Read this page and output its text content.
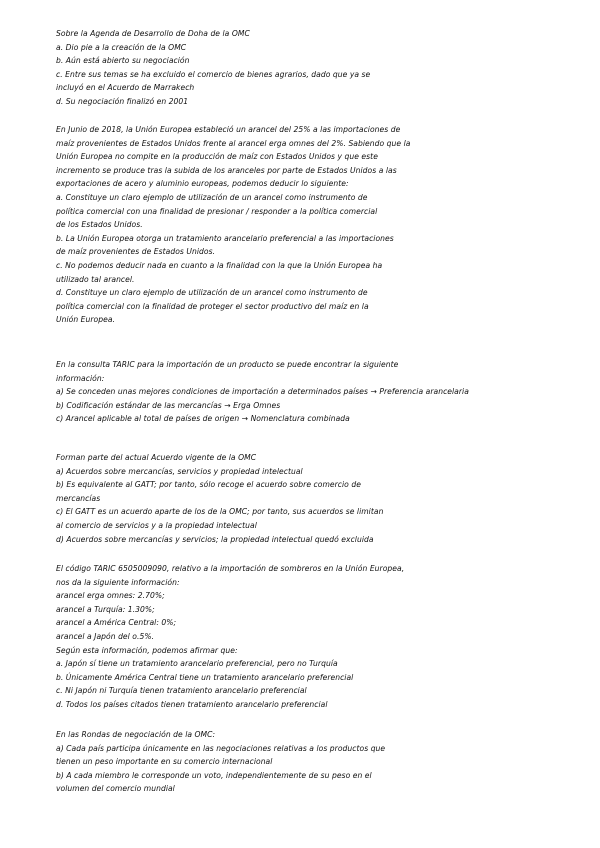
Sobre la Agenda de Desarrollo de Doha de la OMC
a. Dio pie a la creación de la OMC
b. Aún está abierto su negociación
c. Entre sus temas se ha excluido el comercio de bienes agrarios, dado que ya se
incluyó en el Acuerdo de Marrakech
d. Su negociación finalizó en 2001
En Junio de 2018, la Unión Europea estableció un arancel del 25% a las importaciones de
maíz provenientes de Estados Unidos frente al arancel erga omnes del 2%. Sabiendo que la
Unión Europea no compite en la producción de maíz con Estados Unidos y que este
incremento se produce tras la subida de los aranceles por parte de Estados Unidos a las
exportaciones de acero y aluminio europeas, podemos deducir lo siguiente:
a. Constituye un claro ejemplo de utilización de un arancel como instrumento de
política comercial con una finalidad de presionar / responder a la política comercial
de los Estados Unidos.
b. La Unión Europea otorga un tratamiento arancelario preferencial a las importaciones
de maíz provenientes de Estados Unidos.
c. No podemos deducir nada en cuanto a la finalidad con la que la Unión Europea ha
utilizado tal arancel.
d. Constituye un claro ejemplo de utilización de un arancel como instrumento de
política comercial con la finalidad de proteger el sector productivo del maíz en la
Unión Europea.
En la consulta TARIC para la importación de un producto se puede encontrar la siguiente
información:
a) Se conceden unas mejores condiciones de importación a determinados países → Preferencia arancelaria
b) Codificación estándar de las mercancías → Erga Omnes
c) Arancel aplicable al total de países de origen → Nomenclatura combinada
Forman parte del actual Acuerdo vigente de la OMC
a) Acuerdos sobre mercancías, servicios y propiedad intelectual
b) Es equivalente al GATT; por tanto, sólo recoge el acuerdo sobre comercio de
mercancías
c) El GATT es un acuerdo aparte de los de la OMC; por tanto, sus acuerdos se limitan
al comercio de servicios y a la propiedad intelectual
d) Acuerdos sobre mercancías y servicios; la propiedad intelectual quedó excluida
El código TARIC 6505009090, relativo a la importación de sombreros en la Unión Europea,
nos da la siguiente información:
arancel erga omnes: 2.70%;
arancel a Turquía: 1.30%;
arancel a América Central: 0%;
arancel a Japón del o.5%.
Según esta información, podemos afirmar que:
a. Japón sí tiene un tratamiento arancelario preferencial, pero no Turquía
b. Únicamente América Central tiene un tratamiento arancelario preferencial
c. Ni Japón ni Turquía tienen tratamiento arancelario preferencial
d. Todos los países citados tienen tratamiento arancelario preferencial
En las Rondas de negociación de la OMC:
a) Cada país participa únicamente en las negociaciones relativas a los productos que
tienen un peso importante en su comercio internacional
b) A cada miembro le corresponde un voto, independientemente de su peso en el
volumen del comercio mundial
